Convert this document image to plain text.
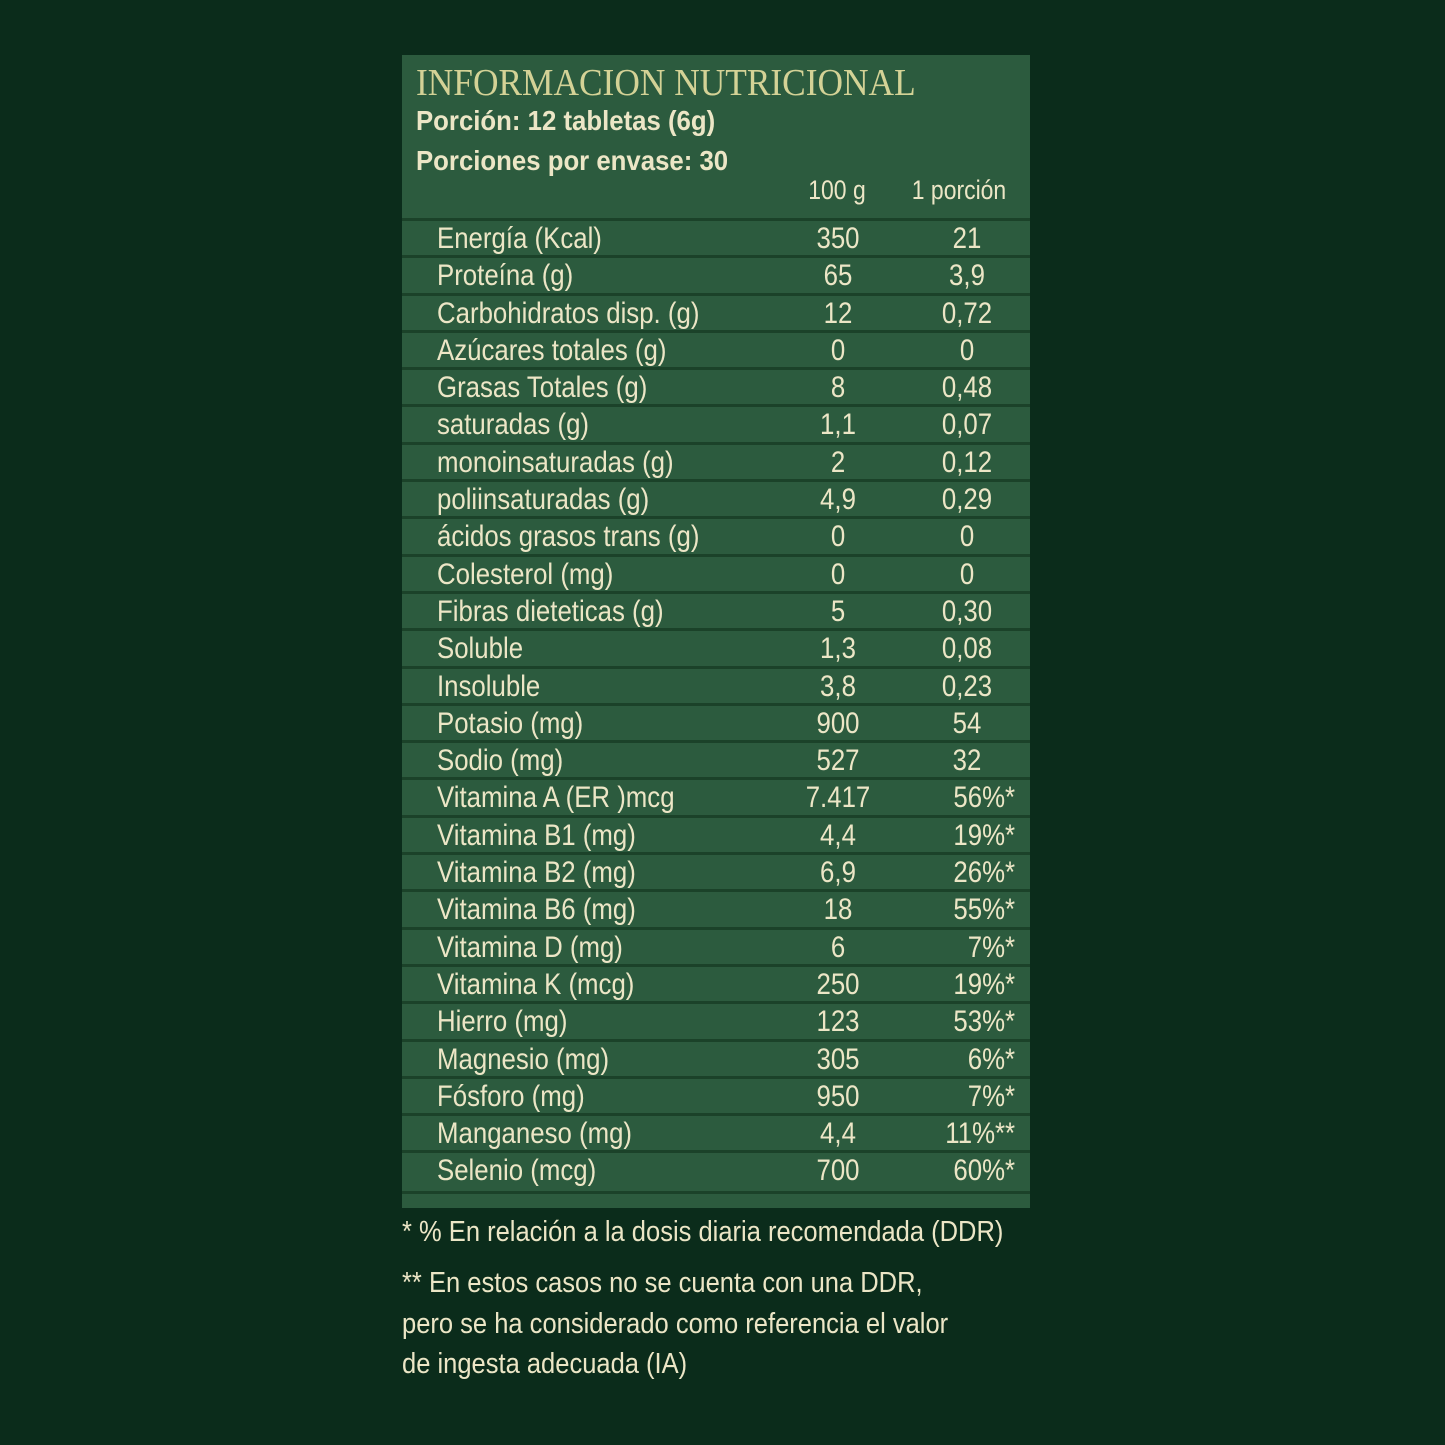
INFORMACION NUTRICIONAL
Porción: 12 tabletas (6g)
Porciones por envase: 30
100 g	1 porción
Energía (Kcal)	350	21
Proteína (g)	65	3,9
Carbohidratos disp. (g)	12	0,72
Azúcares totales (g)	0	0
Grasas Totales (g)	8	0,48
saturadas (g)	1,1	0,07
monoinsaturadas (g)	2	0,12
poliinsaturadas (g)	4,9	0,29
ácidos grasos trans (g)	0	0
Colesterol (mg)	0	0
Fibras dieteticas (g)	5	0,30
Soluble	1,3	0,08
Insoluble	3,8	0,23
Potasio (mg)	900	54
Sodio (mg)	527	32
Vitamina A (ER )mcg	7.417	56%*
Vitamina B1 (mg)	4,4	19%*
Vitamina B2 (mg)	6,9	26%*
Vitamina B6 (mg)	18	55%*
Vitamina D (mg)	6	7%*
Vitamina K (mcg)	250	19%*
Hierro (mg)	123	53%*
Magnesio (mg)	305	6%*
Fósforo (mg)	950	7%*
Manganeso (mg)	4,4	11%**
Selenio (mcg)	700	60%*
* % En relación a la dosis diaria recomendada (DDR)
** En estos casos no se cuenta con una DDR,
pero se ha considerado como referencia el valor
de ingesta adecuada (IA)
